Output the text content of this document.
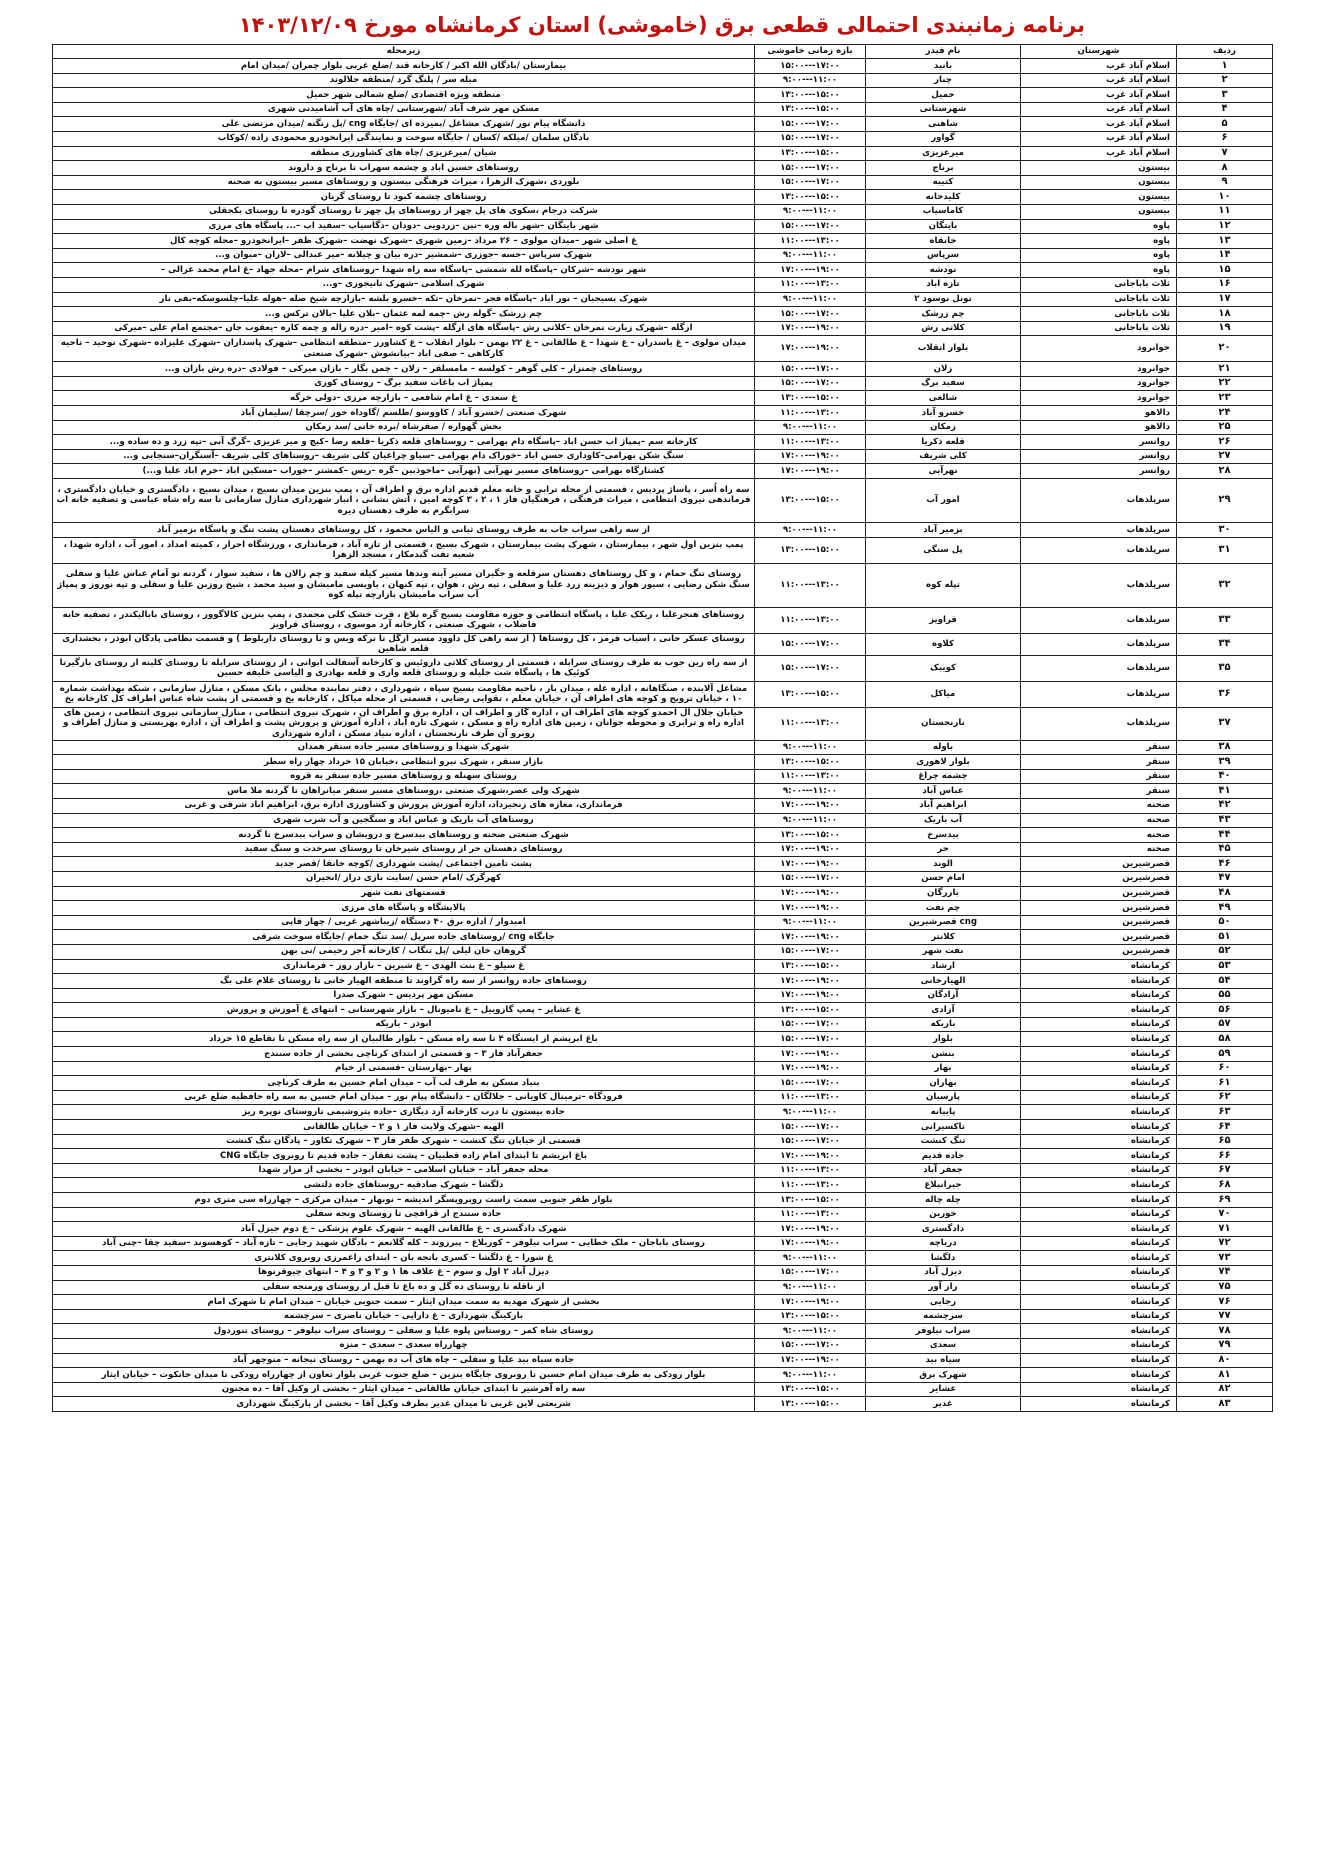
برنامه زمانبندی احتمالی قطعی برق (خاموشی) استان کرمانشاه مورخ ۱۴۰۳/۱۲/۰۹
ردیف	شهرستان	نام فیدر	بازه زمانی خاموشی	زیرمحله
۱	اسلام آباد غرب	بانید	۱۵:۰۰---۱۷:۰۰	بیمارستان /بادگان الله اکبر / کارخانه قند /ضلع غربی بلوار چمران /میدان امام
۲	اسلام آباد غرب	چنار	۹:۰۰---۱۱:۰۰	میله سر / پلنگ گرد /منطقه جلالوند
۳	اسلام آباد غرب	حمیل	۱۳:۰۰---۱۵:۰۰	منطقه ویژه اقتصادی /ضلع شمالی شهر حمیل
۴	اسلام آباد غرب	شهرستانی	۱۳:۰۰---۱۵:۰۰	مسکن مهر شرف آباد /شهرستانی /چاه های آب آشامیدنی شهری
۵	اسلام آباد غرب	شاهنی	۱۵:۰۰---۱۷:۰۰	دانشگاه پیام نور /شهرک مشاغل /بمیرده ای /جایگاه cng /پل زنگنه /میدان مرتضی علی
۶	اسلام آباد غرب	گواور	۱۵:۰۰---۱۷:۰۰	بادگان سلمان /میلکه /کسان / جایگاه سوخت و نمایندگی ایرانخودرو محمودی زاده /کوکاب
۷	اسلام آباد غرب	میرعزیزی	۱۳:۰۰---۱۵:۰۰	شیان /میرعزیزی /چاه های کشاورزی منطقه
۸	بیستون	برناج	۱۵:۰۰---۱۷:۰۰	روستاهای حسین اباد و چشمه سهراب تا برناج و داروند
۹	بیستون	کتیبه	۱۵:۰۰---۱۷:۰۰	بلوردی ،شهرک الزهرا ، میراث فرهنگی بیستون و روستاهای مسیر بیستون به صحنه
۱۰	بیستون	کلیدخانه	۱۳:۰۰---۱۵:۰۰	روستاهای چشمه کبود تا روستای گربان
۱۱	بیستون	کاماسیاب	۹:۰۰---۱۱:۰۰	شرکت درجام ،سکوی های پل چهر از روستاهای پل چهر تا روستای گودره تا روستای بکجقلی
۱۲	پاوه	بایتگان	۱۵:۰۰---۱۷:۰۰	شهر بایتگان –شهر باله وره –نین –زردویی –دودان –دگاسیاب –سفید اب –... پاسگاه های مرزی
۱۳	پاوه	خانقاه	۱۱:۰۰---۱۳:۰۰	غ اصلی شهر –میدان مولوی – ۲۶ مرداد –زمین شهری –شهرک نهضت –شهرک ظفر –ایرانخودرو –محله کوچه کال
۱۴	پاوه	سرپاس	۹:۰۰---۱۱:۰۰	شهرک سرپاس –حسه –جوزری –شمشیر –دره بیان و چیلانه –میر عبدالی –لاران –میوان و...
۱۵	پاوه	نودشه	۱۷:۰۰---۱۹:۰۰	شهر نودشه –شرکان –پاسگاه لله شمشی –پاسگاه سه راه شهدا –روستاهای شرام –محله جهاد –غ امام محمد غزالی –
۱۶	ثلاث باباجانی	تازه اباد	۱۱:۰۰---۱۳:۰۰	شهرک اسلامی –شهرک تانیجوزی –و...
۱۷	ثلاث باباجانی	تونل نوسود ۲	۹:۰۰---۱۱:۰۰	شهرک بسیجیان – نور اباد –پاسگاه فجر –نمرخان –تکه –خسرو بلشه –بازارچه شیخ صله –هوله علیا–چلسوسکه–بفی نار
۱۸	ثلاث باباجانی	چم زرشک	۱۵:۰۰---۱۷:۰۰	چم زرشک –گوله رش –چمه لمه عثمان –بلان علیا –بالان ترکس و...
۱۹	ثلاث باباجانی	کلاتی رش	۱۷:۰۰---۱۹:۰۰	ازگله –شهرک زیارت نمرخان –کلاتی رش –پاسگاه های ازگله –پشت کوه –امیر –دره زاله و چمه کاره –یعقوب جان –مجتمع امام علی –میرکی
۲۰	جوانرود	بلوار انقلاب	۱۷:۰۰---۱۹:۰۰	میدان مولوی – غ یاسدران – غ شهدا – غ طالقانی – غ ۲۲ بهمن – بلوار انقلاب – غ کشاورز –منطقه انتظامی –شهرک پاسداران –شهرک علیزاده –شهرک توحید – ناحیه کارکاهی – صفی اباد –بیانشوش –شهرک صنعتی
۲۱	جوانرود	زلان	۱۵:۰۰---۱۷:۰۰	روستاهای چمنزار – کلی گوهر – کولسه – مامسلقر – زلان – چمن بگار – بازان میرکی – فولادی –دره رش بازان و...
۲۲	جوانرود	سفید برگ	۱۵:۰۰---۱۷:۰۰	پمپاژ اب باغات سفید برگ – روستای کوری
۲۳	جوانرود	شالغی	۱۳:۰۰---۱۵:۰۰	غ سعدی – غ امام شافعی – بازارچه مرزی –دولی خرگه
۲۴	دالاهو	خسرو آباد	۱۱:۰۰---۱۳:۰۰	شهرک صنعتی /خسرو آباد / کاووسو /طلسم /گاوداه خور /سرچقا /سلیمان آباد
۲۵	دالاهو	زمکان	۹:۰۰---۱۱:۰۰	بخش گهواره / صفرشاه /برده خانی /سد زمکان
۲۶	روانسر	قلعه ذکریا	۱۱:۰۰---۱۳:۰۰	کارخانه سم –پمپاژ اب حسن اباد –پاسگاه دام بهرامی – روستاهای قلعه ذکریا –قلعه رضا –کیچ و میر عزیزی –گرگ آبی –تپه زرد و ده ساده و...
۲۷	روانسر	کلی شریف	۱۷:۰۰---۱۹:۰۰	سنگ شکن بهرامی–کاوداری حسن اباد –خوراک دام بهرامی –سیاو چراغیان کلی شریف –روستاهای کلی شریف –آسنگران–سنجابی و...
۲۸	روانسر	نهرآبی	۱۷:۰۰---۱۹:۰۰	کشتارگاه بهرامی –روستاهای مسیر نهرآبی (نهرآبی –ماخوذبین –گره –ریس –کمشتر –خوراب –مسکین اباد –خرم اباد علیا و...)
۲۹	سرپلذهاب	امور آب	۱۳:۰۰---۱۵:۰۰	سه راه اُسر ، پاساژ پردیس ، قسمتی از محله ترابی و خانه معلم قدیم اداره برق و اطراف آن ، پمپ بنزین میدان بسیج ، میدان بسیج ، دادگستری و خیابان دادگستری ، فرماندهی نیروی انتظامی ، میراث فرهنگی ، فرهنگیان فاز ۱ ، ۲ ، ۳ کوچه امین ، آتش نشانی ، انبار شهرداری منازل سازمانی تا سه راه شاه عباسی و تصفیه خانه اب سرابگرم به طرف دهستان دیره
۳۰	سرپلذهاب	بزمیر آباد	۹:۰۰---۱۱:۰۰	از سه راهی سراب جاب به طرف روستای ثیانی و الیاس محمود ، کل روستاهای دهستان پشت تنگ و پاسگاه بزمیر آباد
۳۱	سرپلذهاب	پل سنگی	۱۳:۰۰---۱۵:۰۰	پمپ بنزین اول شهر ، بیمارستان ، شهرک پشت بیمارستان ، شهرک بسیج ، قسمتی از تازه آباد ، فرمانداری ، ورزشگاه احرار ، کمیته امداد ، امور آب ، اداره شهدا ، شعبه تفت گندمکار ، مسجد الزهرا
۳۲	سرپلذهاب	تپله کوه	۱۱:۰۰---۱۳:۰۰	روستای تنگ حمام ، و کل روستاهای دهستان سرقلعه و جگیران مسیر آینه وندها مسیر کیله سفید و چم زالان ها ، سفید سوار ، گردنه تو آمام عباس علیا و سفلی سنگ شکن رضایی ، سیور هوار و دیزینه زرد علیا و سفلی ، تپه رش ، هوان ، تپه کنهان ، یاویسی مامیشان و سید محمد ، شیخ روزبن علیا و سفلی و تپه نوروز و پمپاژ آب سراب مامیشان بازارچه تپله کوه
۳۳	سرپلذهاب	قراویز	۱۱:۰۰---۱۳:۰۰	روستاهای هنجرعلیا ، ریکک علیا ، پاسگاه انتظامی و حوزه مقاومت بسیج گره بلاغ ، قرت خشک کلی محمدی ، پمپ بنزین کالاگوور ، روستای بابالیکندر ، تصفیه خانه فاضلاب ، شهرک صنعتی ، کارخانه آرد موسوی ، روستای قراویز
۳۴	سرپلذهاب	کلاوه	۱۵:۰۰---۱۷:۰۰	روستای عسکر خانی ، آسیاب قرمز ، کل روستاها ( از سه راهی کل داوود مسیر ازگل تا ترکه ویس و تا روستای داربلوط ) و قسمت نظامی پادگان ابوذر ، بخشداری قلعه شاهین
۳۵	سرپلذهاب	کوییک	۱۵:۰۰---۱۷:۰۰	از سه راه زین جوب به طرف روستای سرابله ، قسمتی از روستای کلاتی داروئیس و کارخانه آسفالت ابوانی ، از روستای سرابله تا روستای کلینه از روستای بازگیرتا کوئیک ها ، پاسگاه شت جلیله و روستای قلعه واری و قلعه بهادری و الیاسی خلیفه حسین
۳۶	سرپلذهاب	میاکل	۱۳:۰۰---۱۵:۰۰	مشاغل آلاینده ، صنگاهانه ، اداره غله ، میدان بار ، ناحیه مقاومت بسیج سپاه ، شهرداری ، دفتر نماینده مجلس ، بانک مسکن ، منازل سازمانی ، شبکه بهداشت شماره ۱۰ ، خیابان ترویج و کوچه های اطراف آن ، خیابان معلم ، تقوایی رضایی ، قسمتی از محله میاکل ، کارخانه یخ و قسمتی از پشت شاه عباس اطراف کل کارخانه یخ
۳۷	سرپلذهاب	نارنجستان	۱۱:۰۰---۱۳:۰۰	خیابان جلال آل احمدو کوچه های اطراف آن ، اداره گاز و اطراف آن ، اداره برق و اطراف آن ، شهرک نیروی انتظامی ، منازل سازمانی نیروی انتظامی ، زمین های اداره راه و ترابری و محوطه جوانان ، زمین های اداره راه و مسکن ، شهرک تازه آباد ، اداره آموزش و پرورش پشت و اطراف آن ، اداره بهزیستی و منازل اطراف و روبرو آن طرف نارنجستان ، اداره بنیاد مسکن ، اداره شهرداری
۳۸	سنقر	باوله	۹:۰۰---۱۱:۰۰	شهرک شهدا و روستاهای مسیر جاده سنقر همدان
۳۹	سنقر	بلوار لاهوری	۱۳:۰۰---۱۵:۰۰	بازار سنقر ، شهرک نیرو انتظامی ،خیابان ۱۵ خرداد چهار راه سطر
۴۰	سنقر	چشمه چراغ	۱۱:۰۰---۱۳:۰۰	روستای سهنله و روستاهای مسیر جاده سنقر به قروه
۴۱	سنقر	عباس آباد	۹:۰۰---۱۱:۰۰	شهرک ولی عصر،شهرک صنعتی ،روستاهای مسیر سنقر میانراهان تا گردنه ملا ماس
۴۲	صحنه	ابراهیم آباد	۱۷:۰۰---۱۹:۰۰	فرمانداری، مغازه های زنجیرداد، اداره آموزش پرورش و کشاورزی اداره برق، ابراهیم اباد شرقی و غربی
۴۳	صحنه	آب باریک	۹:۰۰---۱۱:۰۰	روستاهای آب باریک و عباس اباد و سنگجین و آب شرب شهری
۴۴	صحنه	بیدسرخ	۱۳:۰۰---۱۵:۰۰	شهرک صنعتی صحنه و روستاهای بیدسرخ و درویشان و سراب بیدسرخ تا گردنه
۴۵	صحنه	حر	۱۷:۰۰---۱۹:۰۰	روستاهای دهستان حر از روستای شیرخان تا روستای سرخدت و سنگ سفید
۴۶	قصرشیرین	الوند	۱۷:۰۰---۱۹:۰۰	پشت تامین اجتماعی /پشت شهرداری /کوچه خانقا /قصر جدید
۴۷	قصرشیرین	امام حسن	۱۵:۰۰---۱۷:۰۰	کهرگرک /امام حسن /سایت بازی دراز /انجیران
۴۸	قصرشیرین	بازرگان	۱۷:۰۰---۱۹:۰۰	قسمتهای نفت شهر
۴۹	قصرشیرین	چم نفت	۱۷:۰۰---۱۹:۰۰	پالایشگاه و پاسگاه های مرزی
۵۰	قصرشیرین	cng قصرشیرین	۹:۰۰---۱۱:۰۰	امیدوار / اداره برق ۴۰ دستگاه /زیباشهر غربی / چهار قاپی
۵۱	قصرشیرین	کلانتر	۱۷:۰۰---۱۹:۰۰	جایگاه cng /روستاهای جاده سرپل /سد تنگ حمام /جایگاه سوخت شرقی
۵۲	قصرشیرین	نفت شهر	۱۵:۰۰---۱۷:۰۰	گروهان خان لیلی /پل تنگاب / کارخانه آجر رحیمی /نی بهن
۵۳	کرمانشاه	ارشاد	۱۳:۰۰---۱۵:۰۰	غ سیلو – غ بنت الهدی – غ شیرین – بازار روز – فرمانداری
۵۴	کرمانشاه	الهیارخانی	۱۷:۰۰---۱۹:۰۰	روستاهای جاده روانسر از سه راه گراوند تا منطقه الهیار خانی تا روستای غلام علی بگ
۵۵	کرمانشاه	آزادگان	۱۷:۰۰---۱۹:۰۰	مسکن مهر پردیس – شهرک صدرا
۵۶	کرمانشاه	آزادی	۱۳:۰۰---۱۵:۰۰	غ عشایر – پمپ گازوییل – غ نامیونال – بازار شهرستانی – انتهای غ آموزش و پرورش
۵۷	کرمانشاه	باریکه	۱۵:۰۰---۱۷:۰۰	ابوذر – باریکه
۵۸	کرمانشاه	بلوار	۱۵:۰۰---۱۷:۰۰	باغ ابریشم از ایستگاه ۴ تا سه راه مسکن – بلوار طالبیان از سه راه مسکن تا تقاطع ۱۵ خرداد
۵۹	کرمانشاه	بنشن	۱۷:۰۰---۱۹:۰۰	جعفرآباد فاز ۳ – و قسمتی از ابتدای کرناچی بخشی از جاده سنندج
۶۰	کرمانشاه	بهار	۱۷:۰۰---۱۹:۰۰	بهار –بهارستان –قسمتی از خیام
۶۱	کرمانشاه	بهاران	۱۵:۰۰---۱۷:۰۰	بنیاد مسکن به طرف لب آب – میدان امام حسین به طرف کرناچی
۶۲	کرمانشاه	پارسیان	۱۱:۰۰---۱۳:۰۰	فرودگاه –ترمینال کاویانی – جلالگان – دانشگاه پیام نور – میدان امام حسین به سه راه حافظیه ضلع غربی
۶۳	کرمانشاه	پاییانه	۹:۰۰---۱۱:۰۰	جاده بیستون تا درب کارخانه آرد دیگاری –جاده پتروشیمی تاروستای نوپره ریز
۶۴	کرمانشاه	تاکسیرانی	۱۵:۰۰---۱۷:۰۰	الهیه –شهرک ولایت فاز ۱ و ۲ – خیابان طالقانی
۶۵	کرمانشاه	تنگ کنشت	۱۵:۰۰---۱۷:۰۰	قسمتی از خیابان تنگ کنشت – شهرک ظفر فاز ۳ – شهرک تکاور – پادگان تنگ کنشت
۶۶	کرمانشاه	جاده قدیم	۱۷:۰۰---۱۹:۰۰	باغ ابریشم تا ابتدای امام زاده قطبیان – پشت نفقار – جاده قدیم تا روبروی جایگاه CNG
۶۷	کرمانشاه	جعفر آباد	۱۱:۰۰---۱۳:۰۰	محله جعفر آباد – خیابان اسلامی – خیابان ابوذر – بخشی از مزار شهدا
۶۸	کرمانشاه	جیرانبلاغ	۱۱:۰۰---۱۳:۰۰	دلگشا – شهرک صادقیه –روستاهای جاده دلتشی
۶۹	کرمانشاه	چله چاله	۱۳:۰۰---۱۵:۰۰	بلوار ظفر جنوبی سمت راست روبروپسگر اندیشه – نوبهار – میدان مرکزی – چهارراه سی متری دوم
۷۰	کرمانشاه	خورین	۱۱:۰۰---۱۳:۰۰	جاده سنندج از قراقچی تا روستای ونجه سفلی
۷۱	کرمانشاه	دادگستری	۱۷:۰۰---۱۹:۰۰	شهرک دادگستری – غ طالقانی الهیه – شهرک علوم پزشکی – غ دوم جیزل آباد
۷۲	کرمانشاه	دریاچه	۱۷:۰۰---۱۹:۰۰	روستای باباجان – ملک خطابی – سراب نیلوفر – کوریلاغ – پیرزوند – کله گلانعم – بادگان شهید رجایی – تازه آباد – کوهسوند –سفید چقا –چنی آباد
۷۳	کرمانشاه	دلگشا	۹:۰۰---۱۱:۰۰	غ شورا – غ دلگشا – کسری بانجه بان – ابتدای زاغمرزی روبروی کلانتری
۷۴	کرمانشاه	دیزل آباد	۱۵:۰۰---۱۷:۰۰	دیزل آباد ۲ اول و سوم – غ علاف ها ۱ و ۲ و ۳ و ۴ – انتهای چیوقرنوها
۷۵	کرمانشاه	راز آور	۹:۰۰---۱۱:۰۰	از ناقله تا روستای ده گل و ده باغ تا قبل از روستای ورمنجه سفلی
۷۶	کرمانشاه	رجایی	۱۷:۰۰---۱۹:۰۰	بخشی از شهرک مهدیه به سمت میدان ایثار – سمت جنوبی خیابان – میدان امام تا شهرک امام
۷۷	کرمانشاه	سرچشمه	۱۳:۰۰---۱۵:۰۰	بارکینگ شهرداری – غ دارایی – خیابان ناصری – سرچشمه
۷۸	کرمانشاه	سراب نیلوفر	۹:۰۰---۱۱:۰۰	روستای شاه کمر – روستاس پلوه علیا و سفلی – روستای سراب نیلوفر – روستای تنوردول
۷۹	کرمانشاه	سعدی	۱۵:۰۰---۱۷:۰۰	چهارراه سعدی – سعدی – منزه
۸۰	کرمانشاه	سیاه بید	۱۷:۰۰---۱۹:۰۰	جاده سیاه بید علیا و سفلی – چاه های آب ده بهمن – روستای نیجانه – منوچهر آباد
۸۱	کرمانشاه	شهرک برق	۹:۰۰---۱۱:۰۰	بلوار رودکی به طرف میدان امام حسین تا روبروی جایگاه بنزین – ضلع جنوب غربی بلوار تعاون از چهارراه رودکی تا میدان جانکوت – خیابان ایثار
۸۲	کرمانشاه	عشایر	۱۳:۰۰---۱۵:۰۰	سه راه آفرشیر تا ابتدای خیابان طالقانی – میدان ایثار – بخشی از وکیل آقا – ده مجنون
۸۳	کرمانشاه	غدیر	۱۳:۰۰---۱۵:۰۰	شریعتی لاین غربی تا میدان غدیر بطرف وکیل آقا – بخشی از پارکینگ شهرداری
